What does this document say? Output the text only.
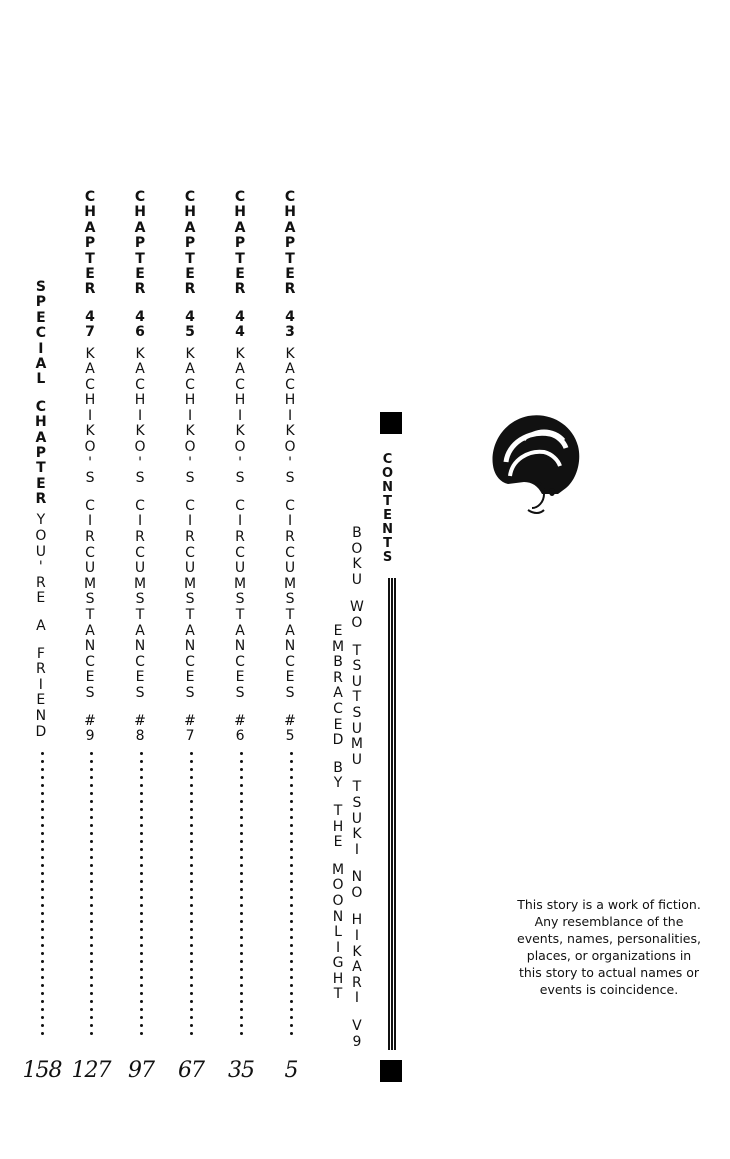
C
O
N
T
E
N
T
S
B
O
K
U

W
O

T
S
U
T
S
U
M
U

T
S
U
K
I

N
O

H
I
K
A
R
I

V
9
E
M
B
R
A
C
E
D

B
Y

T
H
E

M
O
O
N
L
I
G
H
T
C
H
A
P
T
E
R

4
3
K
A
C
H
I
K
O
'
S

C
I
R
C
U
M
S
T
A
N
C
E
S

#
5
5
C
H
A
P
T
E
R

4
4
K
A
C
H
I
K
O
'
S

C
I
R
C
U
M
S
T
A
N
C
E
S

#
6
35
C
H
A
P
T
E
R

4
5
K
A
C
H
I
K
O
'
S

C
I
R
C
U
M
S
T
A
N
C
E
S

#
7
67
C
H
A
P
T
E
R

4
6
K
A
C
H
I
K
O
'
S

C
I
R
C
U
M
S
T
A
N
C
E
S

#
8
97
C
H
A
P
T
E
R

4
7
K
A
C
H
I
K
O
'
S

C
I
R
C
U
M
S
T
A
N
C
E
S

#
9
127
S
P
E
C
I
A
L

C
H
A
P
T
E
R
Y
O
U
'
R
E

A

F
R
I
E
N
D
158
This story is a work of fiction. Any resemblance of the events, names, personalities, places, or organizations in this story to actual names or events is coincidence.
